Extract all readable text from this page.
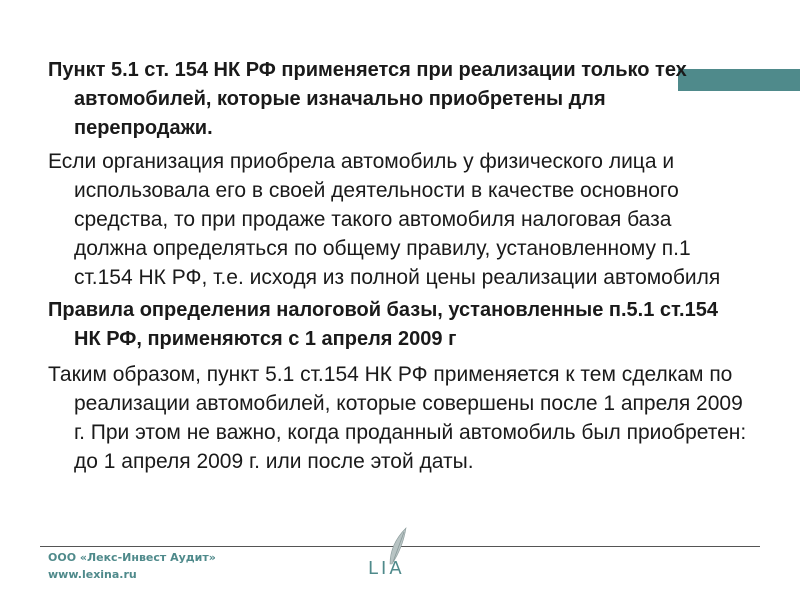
Пункт 5.1 ст. 154 НК РФ применяется при реализации только тех автомобилей, которые изначально приобретены для перепродажи.

Если организация приобрела автомобиль у физического лица и использовала его в своей деятельности в качестве основного средства, то при продаже такого автомобиля налоговая база должна определяться по общему правилу, установленному п.1 ст.154 НК РФ, т.е. исходя из полной цены реализации автомобиля

Правила определения налоговой базы, установленные п.5.1 ст.154 НК РФ, применяются с 1 апреля 2009 г

Таким образом, пункт 5.1 ст.154 НК РФ применяется к тем сделкам по реализации автомобилей, которые совершены после 1 апреля 2009 г. При этом не важно, когда проданный автомобиль был приобретен: до 1 апреля 2009 г. или после этой даты.

ООО «Лекс-Инвест Аудит»
www.lexina.ru	LIA
